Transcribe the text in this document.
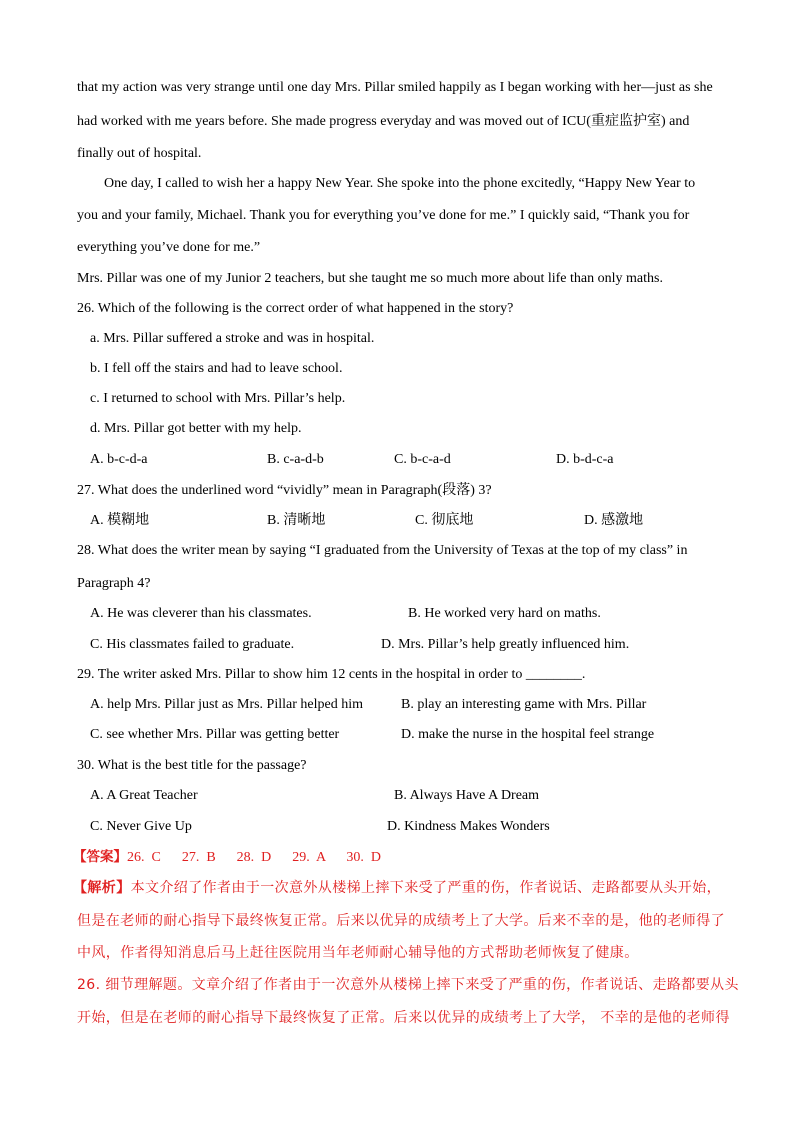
that my action was very strange until one day Mrs. Pillar smiled happily as I began working with her—just as she
had worked with me years before. She made progress everyday and was moved out of ICU(重症监护室) and
finally out of hospital.
One day, I called to wish her a happy New Year. She spoke into the phone excitedly, “Happy New Year to
you and your family, Michael. Thank you for everything you’ve done for me.” I quickly said, “Thank you for
everything you’ve done for me.”
Mrs. Pillar was one of my Junior 2 teachers, but she taught me so much more about life than only maths.
26. Which of the following is the correct order of what happened in the story?
a. Mrs. Pillar suffered a stroke and was in hospital.
b. I fell off the stairs and had to leave school.
c. I returned to school with Mrs. Pillar’s help.
d. Mrs. Pillar got better with my help.
A. b-c-d-a	B. c-a-d-b	C. b-c-a-d	D. b-d-c-a
27. What does the underlined word “vividly” mean in Paragraph(段落) 3?
A. 模糊地	B. 清晰地	C. 彻底地	D. 感激地
28. What does the writer mean by saying “I graduated from the University of Texas at the top of my class” in
Paragraph 4?
A. He was cleverer than his classmates.	B. He worked very hard on maths.
C. His classmates failed to graduate.	D. Mrs. Pillar’s help greatly influenced him.
29. The writer asked Mrs. Pillar to show him 12 cents in the hospital in order to ________.
A. help Mrs. Pillar just as Mrs. Pillar helped him	B. play an interesting game with Mrs. Pillar
C. see whether Mrs. Pillar was getting better	D. make the nurse in the hospital feel strange
30. What is the best title for the passage?
A. A Great Teacher	B. Always Have A Dream
C. Never Give Up	D. Kindness Makes Wonders
【答案】26.  C      27.  B      28.  D      29.  A      30.  D
【解析】本文介绍了作者由于一次意外从楼梯上摔下来受了严重的伤，作者说话、走路都要从头开始，
但是在老师的耐心指导下最终恢复正常。后来以优异的成绩考上了大学。后来不幸的是，他的老师得了
中风，作者得知消息后马上赶往医院用当年老师耐心辅导他的方式帮助老师恢复了健康。
26. 细节理解题。文章介绍了作者由于一次意外从楼梯上摔下来受了严重的伤，作者说话、走路都要从头
开始，但是在老师的耐心指导下最终恢复了正常。后来以优异的成绩考上了大学， 不幸的是他的老师得
